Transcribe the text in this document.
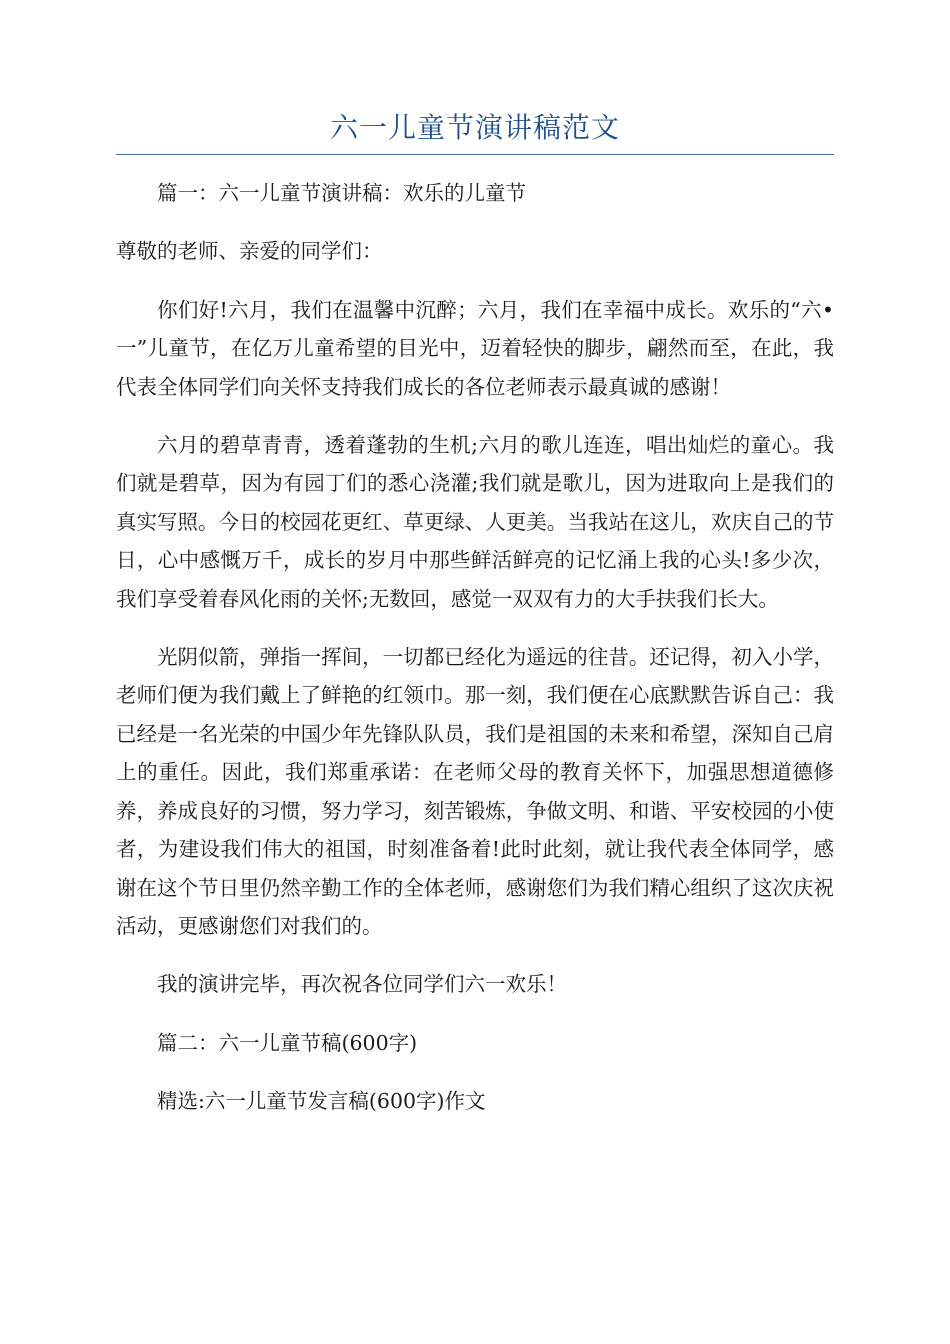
六一儿童节演讲稿范文

篇一：六一儿童节演讲稿：欢乐的儿童节

尊敬的老师、亲爱的同学们：

你们好!六月，我们在温馨中沉醉；六月，我们在幸福中成长。欢乐的“六•一”儿童节，在亿万儿童希望的目光中，迈着轻快的脚步，翩然而至，在此，我代表全体同学们向关怀支持我们成长的各位老师表示最真诚的感谢！

六月的碧草青青，透着蓬勃的生机;六月的歌儿连连，唱出灿烂的童心。我们就是碧草，因为有园丁们的悉心浇灌;我们就是歌儿，因为进取向上是我们的真实写照。今日的校园花更红、草更绿、人更美。当我站在这儿，欢庆自己的节日，心中感慨万千，成长的岁月中那些鲜活鲜亮的记忆涌上我的心头!多少次，我们享受着春风化雨的关怀;无数回，感觉一双双有力的大手扶我们长大。

光阴似箭，弹指一挥间，一切都已经化为遥远的往昔。还记得，初入小学，老师们便为我们戴上了鲜艳的红领巾。那一刻，我们便在心底默默告诉自己：我已经是一名光荣的中国少年先锋队队员，我们是祖国的未来和希望，深知自己肩上的重任。因此，我们郑重承诺：在老师父母的教育关怀下，加强思想道德修养，养成良好的习惯，努力学习，刻苦锻炼，争做文明、和谐、平安校园的小使者，为建设我们伟大的祖国，时刻准备着!此时此刻，就让我代表全体同学，感谢在这个节日里仍然辛勤工作的全体老师，感谢您们为我们精心组织了这次庆祝活动，更感谢您们对我们的。

我的演讲完毕，再次祝各位同学们六一欢乐！

篇二：六一儿童节稿(600字)

精选:六一儿童节发言稿(600字)作文
